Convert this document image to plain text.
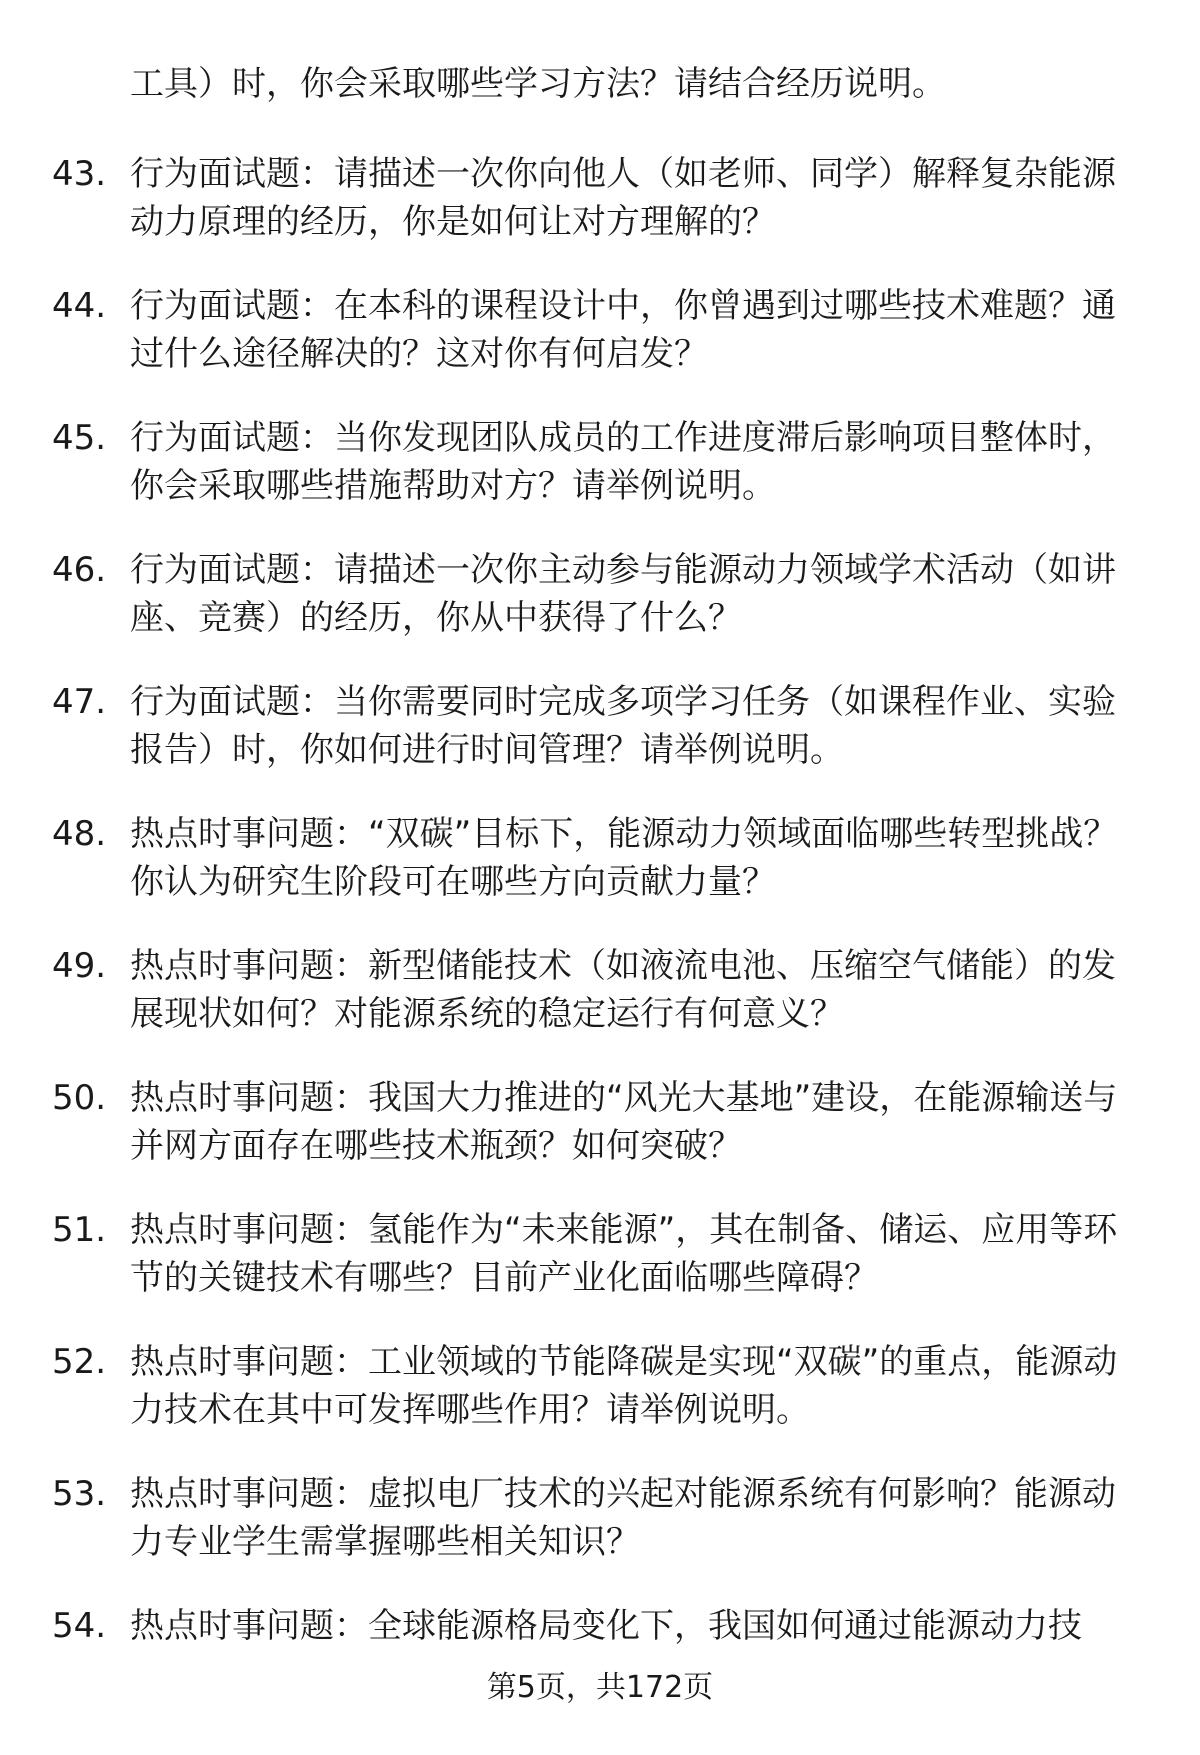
工具）时，你会采取哪些学习方法？请结合经历说明。

43. 行为面试题：请描述一次你向他人（如老师、同学）解释复杂能源动力原理的经历，你是如何让对方理解的？

44. 行为面试题：在本科的课程设计中，你曾遇到过哪些技术难题？通过什么途径解决的？这对你有何启发？

45. 行为面试题：当你发现团队成员的工作进度滞后影响项目整体时，你会采取哪些措施帮助对方？请举例说明。

46. 行为面试题：请描述一次你主动参与能源动力领域学术活动（如讲座、竞赛）的经历，你从中获得了什么？

47. 行为面试题：当你需要同时完成多项学习任务（如课程作业、实验报告）时，你如何进行时间管理？请举例说明。

48. 热点时事问题：“双碳”目标下，能源动力领域面临哪些转型挑战？你认为研究生阶段可在哪些方向贡献力量？

49. 热点时事问题：新型储能技术（如液流电池、压缩空气储能）的发展现状如何？对能源系统的稳定运行有何意义？

50. 热点时事问题：我国大力推进的“风光大基地”建设，在能源输送与并网方面存在哪些技术瓶颈？如何突破？

51. 热点时事问题：氢能作为“未来能源”，其在制备、储运、应用等环节的关键技术有哪些？目前产业化面临哪些障碍？

52. 热点时事问题：工业领域的节能降碳是实现“双碳”的重点，能源动力技术在其中可发挥哪些作用？请举例说明。

53. 热点时事问题：虚拟电厂技术的兴起对能源系统有何影响？能源动力专业学生需掌握哪些相关知识？

54. 热点时事问题：全球能源格局变化下，我国如何通过能源动力技

第5页，共172页
